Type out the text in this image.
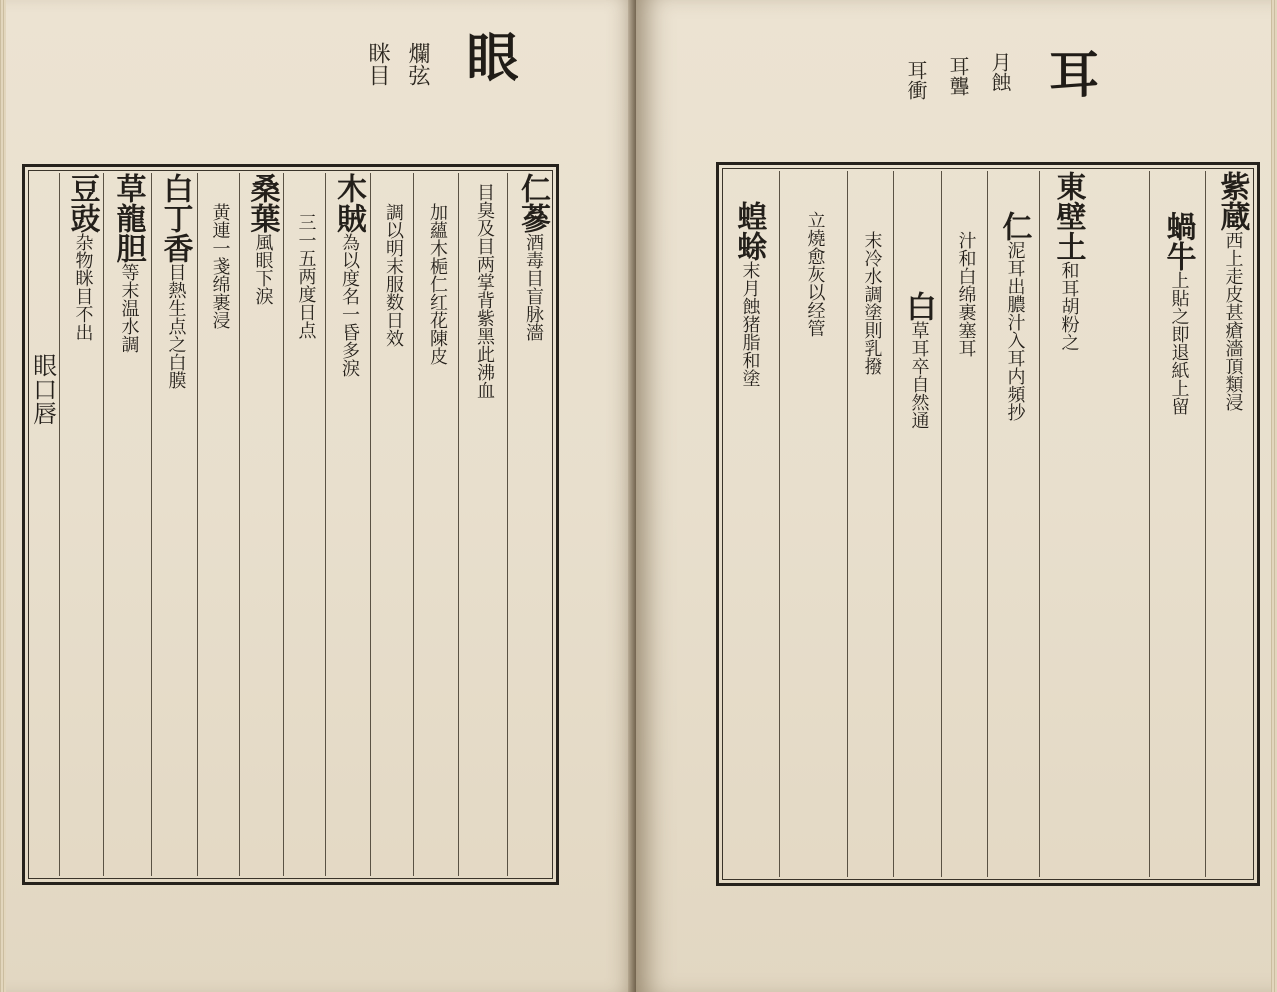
眼
爛弦
眯目
仁蔘
酒毒目盲脉濇
目臭及目两掌背紫黑此沸血
加蘊木梔仁红花陳皮
調以明末服数日效
木賊
為以度名一昏多淚
三一五两度日点
桑葉
風眼下淚
黄連一戔绵裹浸
白丁香
目熱生点之白膜
草龍胆
等末温水調
豆豉
杂物眯目不出
眼口唇
耳
月蝕
耳聾
耳衝
紫蔵
西上走皮甚瘡濇頂類浸
蝸牛
上貼之即退紙上留
東壁土
和耳胡粉之
仁
泥耳出膿汁入耳内頻抄
汁和白绵裹塞耳
白
草耳卒自然通
末冷水調塗則乳撥
立燒愈灰以经管
蝗蜍
末月蝕猪脂和塗
